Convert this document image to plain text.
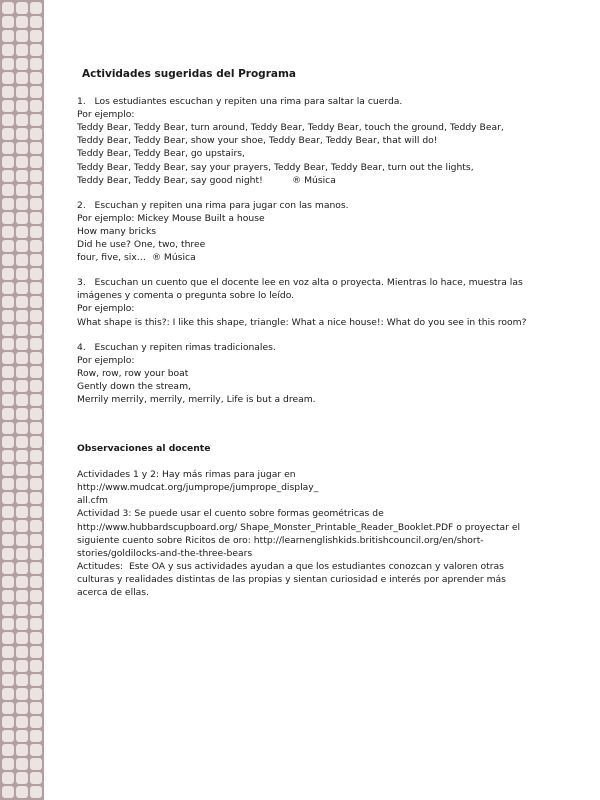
Actividades sugeridas del Programa
1.   Los estudiantes escuchan y repiten una rima para saltar la cuerda.
Por ejemplo:
Teddy Bear, Teddy Bear, turn around, Teddy Bear, Teddy Bear, touch the ground, Teddy Bear,
Teddy Bear, Teddy Bear, show your shoe, Teddy Bear, Teddy Bear, that will do!
Teddy Bear, Teddy Bear, go upstairs,
Teddy Bear, Teddy Bear, say your prayers, Teddy Bear, Teddy Bear, turn out the lights,
Teddy Bear, Teddy Bear, say good night!          ® Música
2.   Escuchan y repiten una rima para jugar con las manos.
Por ejemplo: Mickey Mouse Built a house
How many bricks
Did he use? One, two, three
four, five, six…  ® Música
3.   Escuchan un cuento que el docente lee en voz alta o proyecta. Mientras lo hace, muestra las
imágenes y comenta o pregunta sobre lo leído.
Por ejemplo:
What shape is this?: I like this shape, triangle: What a nice house!: What do you see in this room?
4.   Escuchan y repiten rimas tradicionales.
Por ejemplo:
Row, row, row your boat
Gently down the stream,
Merrily merrily, merrily, merrily, Life is but a dream.
Observaciones al docente
Actividades 1 y 2: Hay más rimas para jugar en
http://www.mudcat.org/jumprope/jumprope_display_
all.cfm
Actividad 3: Se puede usar el cuento sobre formas geométricas de
http://www.hubbardscupboard.org/ Shape_Monster_Printable_Reader_Booklet.PDF o proyectar el
siguiente cuento sobre Ricitos de oro: http://learnenglishkids.britishcouncil.org/en/short-
stories/goldilocks-and-the-three-bears
Actitudes:  Este OA y sus actividades ayudan a que los estudiantes conozcan y valoren otras
culturas y realidades distintas de las propias y sientan curiosidad e interés por aprender más
acerca de ellas.
